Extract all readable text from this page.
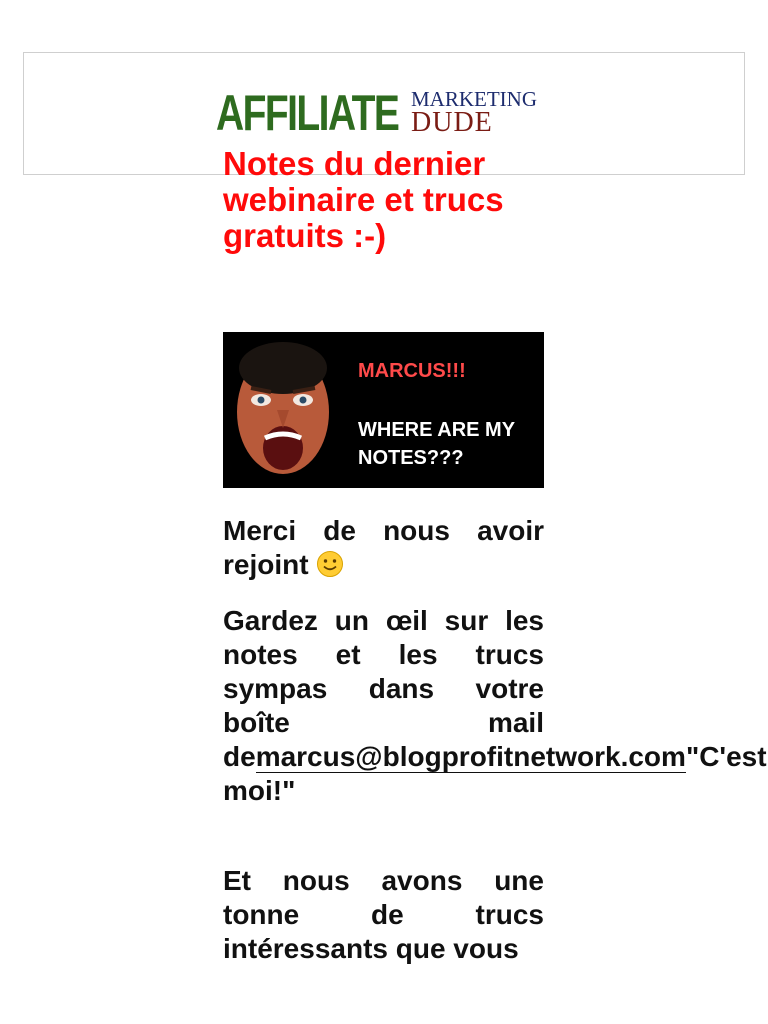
AFFILIATE MARKETING
DUDE
Notes du dernier webinaire et trucs gratuits :-)
MARCUS!!!
WHERE ARE MY NOTES???

Merci de nous avoir rejoint

Gardez un œil sur les notes et les trucs sympas dans votre boîte mail demarcus@blogprofitnetwork.com"C'est moi!"

Et nous avons une tonne de trucs intéressants que vous
